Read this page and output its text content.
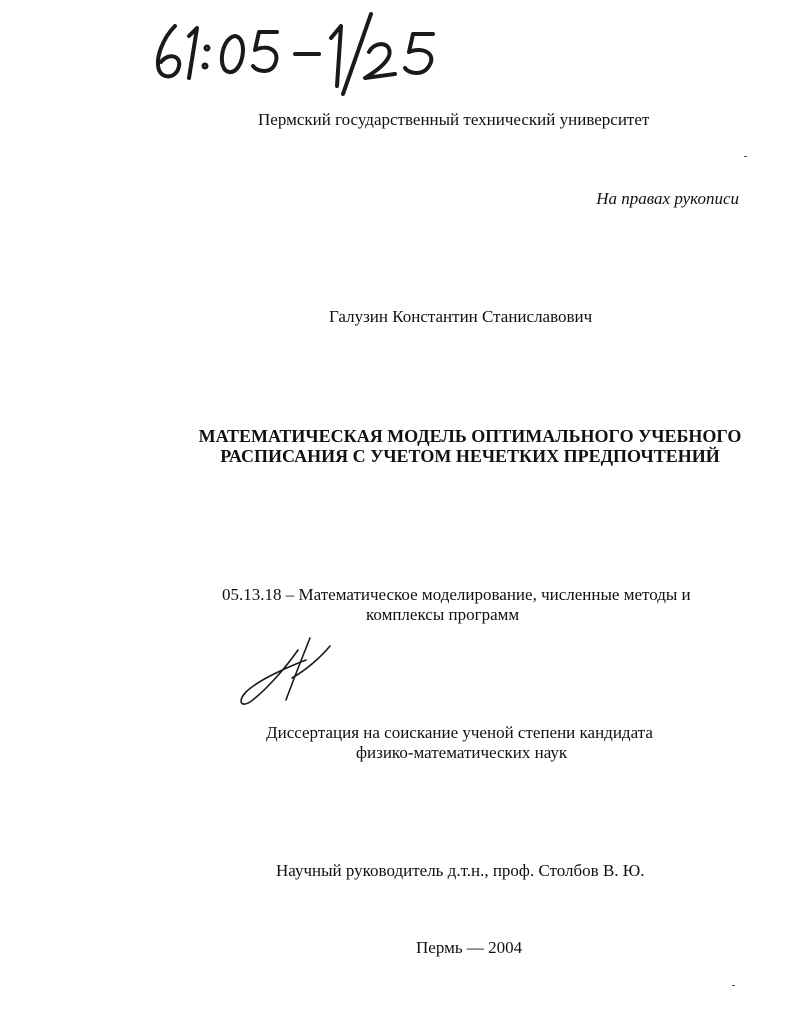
Пермский государственный технический университет
На правах рукописи
Галузин Константин Станиславович
МАТЕМАТИЧЕСКАЯ МОДЕЛЬ ОПТИМАЛЬНОГО УЧЕБНОГО
РАСПИСАНИЯ С УЧЕТОМ НЕЧЕТКИХ ПРЕДПОЧТЕНИЙ
05.13.18 – Математическое моделирование, численные методы и
комплексы программ
Диссертация на соискание ученой степени кандидата
физико-математических наук
Научный руководитель д.т.н., проф. Столбов В. Ю.
Пермь — 2004
